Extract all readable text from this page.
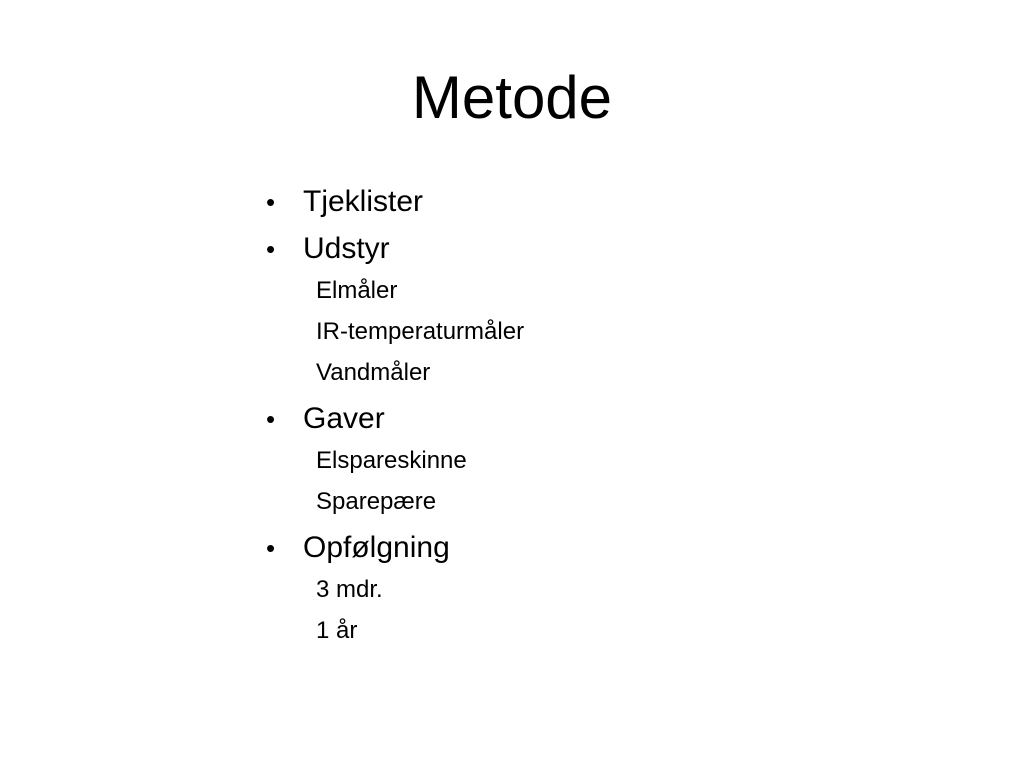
Metode
• Tjeklister
• Udstyr
Elmåler
IR-temperaturmåler
Vandmåler
• Gaver
Elspareskinne
Sparepære
• Opfølgning
3 mdr.
1 år
